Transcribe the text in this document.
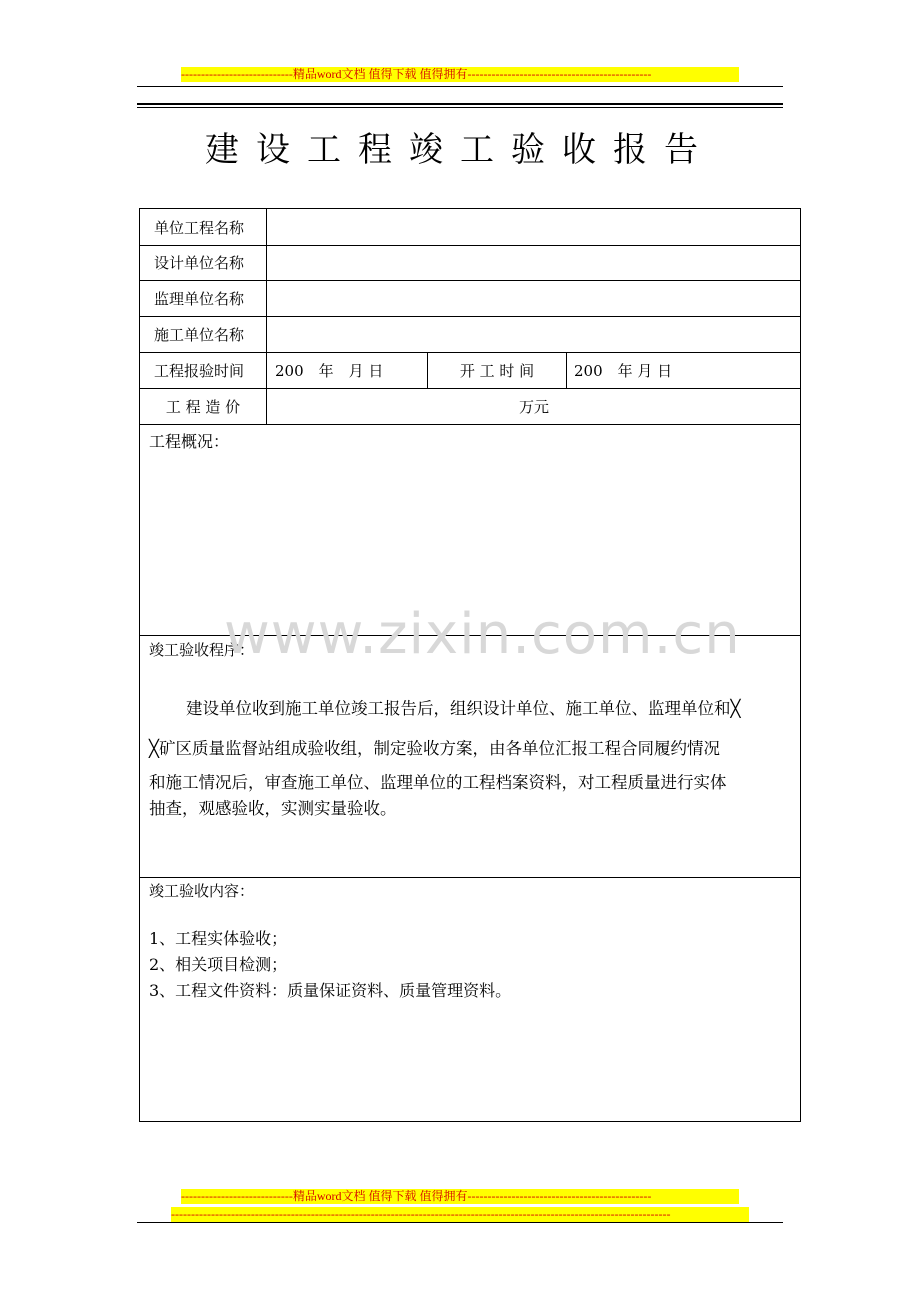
----------------------------精品word文档 值得下载 值得拥有----------------------------------------------
建设工程竣工验收报告
单位工程名称
设计单位名称
监理单位名称
施工单位名称
工程报验时间 200　年　月 日	开 工 时 间	200　年 月 日
工 程 造 价	万元
工程概况：
竣工验收程序：
建设单位收到施工单位竣工报告后，组织设计单位、施工单位、监理单位和╳
╳矿区质量监督站组成验收组，制定验收方案，由各单位汇报工程合同履约情况
和施工情况后，审查施工单位、监理单位的工程档案资料，对工程质量进行实体
抽查，观感验收，实测实量验收。
竣工验收内容：
1、工程实体验收；
2、相关项目检测；
3、工程文件资料：质量保证资料、质量管理资料。
www.zixin.com.cn
----------------------------精品word文档 值得下载 值得拥有----------------------------------------------
-----------------------------------------------------------------------------------------------------------------------------
